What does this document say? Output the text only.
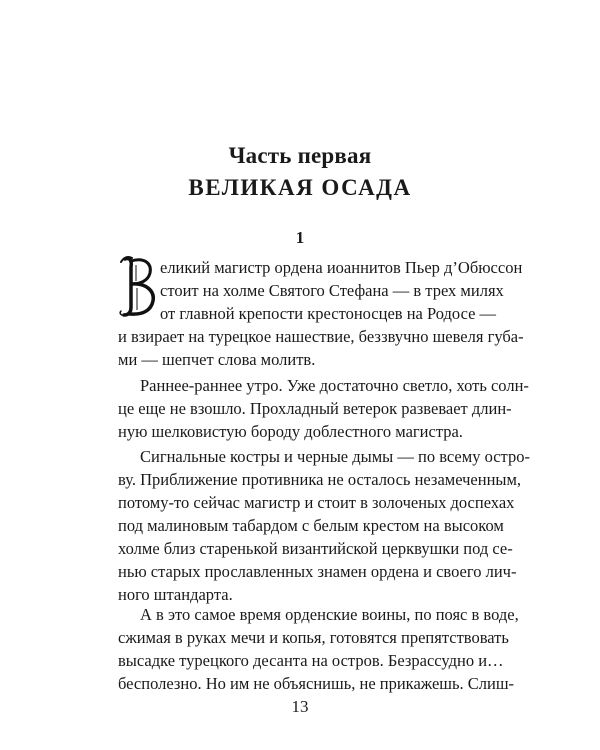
Часть первая
ВЕЛИКАЯ ОСАДА
1
еликий магистр ордена иоаннитов Пьер д’Обюссон
стоит на холме Святого Стефана — в трех милях
от главной крепости крестоносцев на Родосе —
и взирает на турецкое нашествие, беззвучно шевеля губа-
ми — шепчет слова молитв.
Раннее-раннее утро. Уже достаточно светло, хоть солн-
це еще не взошло. Прохладный ветерок развевает длин-
ную шелковистую бороду доблестного магистра.
Сигнальные костры и черные дымы — по всему остро-
ву. Приближение противника не осталось незамеченным,
потому-то сейчас магистр и стоит в золоченых доспехах
под малиновым табардом с белым крестом на высоком
холме близ старенькой византийской церквушки под се-
нью старых прославленных знамен ордена и своего лич-
ного штандарта.
А в это самое время орденские воины, по пояс в воде,
сжимая в руках мечи и копья, готовятся препятствовать
высадке турецкого десанта на остров. Безрассудно и…
бесполезно. Но им не объяснишь, не прикажешь. Слиш-
13
